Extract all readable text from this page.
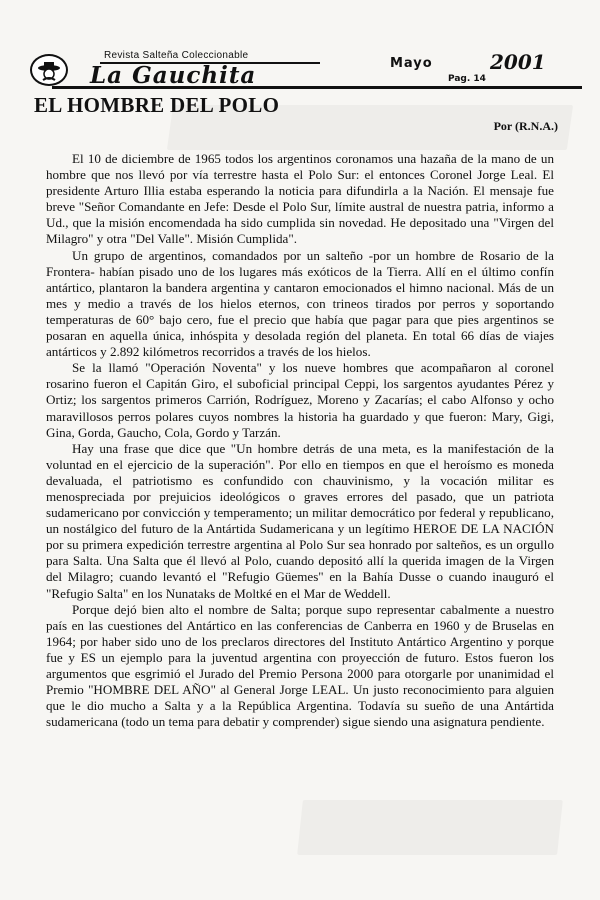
Revista Salteña Coleccionable
La Gauchita	Mayo	2001
Pag. 14
EL HOMBRE DEL POLO
Por (R.N.A.)

El 10 de diciembre de 1965 todos los argentinos coronamos una hazaña de la mano de un hombre que nos llevó por vía terrestre hasta el Polo Sur: el entonces Coronel Jorge Leal. El presidente Arturo Illia estaba esperando la noticia para difundirla a la Nación. El mensaje fue breve "Señor Comandante en Jefe: Desde el Polo Sur, límite austral de nuestra patria, informo a Ud., que la misión encomendada ha sido cumplida sin novedad. He depositado una "Virgen del Milagro" y otra "Del Valle". Misión Cumplida".

Un grupo de argentinos, comandados por un salteño -por un hombre de Rosario de la Frontera- habían pisado uno de los lugares más exóticos de la Tierra. Allí en el último confín antártico, plantaron la bandera argentina y cantaron emocionados el himno nacional. Más de un mes y medio a través de los hielos eternos, con trineos tirados por perros y soportando temperaturas de 60° bajo cero, fue el precio que había que pagar para que pies argentinos se posaran en aquella única, inhóspita y desolada región del planeta. En total 66 días de viajes antárticos y 2.892 kilómetros recorridos a través de los hielos.

Se la llamó "Operación Noventa" y los nueve hombres que acompañaron al coronel rosarino fueron el Capitán Giro, el suboficial principal Ceppi, los sargentos ayudantes Pérez y Ortiz; los sargentos primeros Carrión, Rodríguez, Moreno y Zacarías; el cabo Alfonso y ocho maravillosos perros polares cuyos nombres la historia ha guardado y que fueron: Mary, Gigi, Gina, Gorda, Gaucho, Cola, Gordo y Tarzán.

Hay una frase que dice que "Un hombre detrás de una meta, es la manifestación de la voluntad en el ejercicio de la superación". Por ello en tiempos en que el heroísmo es moneda devaluada, el patriotismo es confundido con chauvinismo, y la vocación militar es menospreciada por prejuicios ideológicos o graves errores del pasado, que un patriota sudamericano por convicción y temperamento; un militar democrático por federal y republicano, un nostálgico del futuro de la Antártida Sudamericana y un legítimo HEROE DE LA NACIÓN por su primera expedición terrestre argentina al Polo Sur sea honrado por salteños, es un orgullo para Salta. Una Salta que él llevó al Polo, cuando depositó allí la querida imagen de la Virgen del Milagro; cuando levantó el "Refugio Güemes" en la Bahía Dusse o cuando inauguró el "Refugio Salta" en los Nunataks de Moltké en el Mar de Weddell.

Porque dejó bien alto el nombre de Salta; porque supo representar cabalmente a nuestro país en las cuestiones del Antártico en las conferencias de Canberra en 1960 y de Bruselas en 1964; por haber sido uno de los preclaros directores del Instituto Antártico Argentino y porque fue y ES un ejemplo para la juventud argentina con proyección de futuro. Estos fueron los argumentos que esgrimió el Jurado del Premio Persona 2000 para otorgarle por unanimidad el Premio "HOMBRE DEL AÑO" al General Jorge LEAL. Un justo reconocimiento para alguien que le dio mucho a Salta y a la República Argentina. Todavía su sueño de una Antártida sudamericana (todo un tema para debatir y comprender) sigue siendo una asignatura pendiente.
